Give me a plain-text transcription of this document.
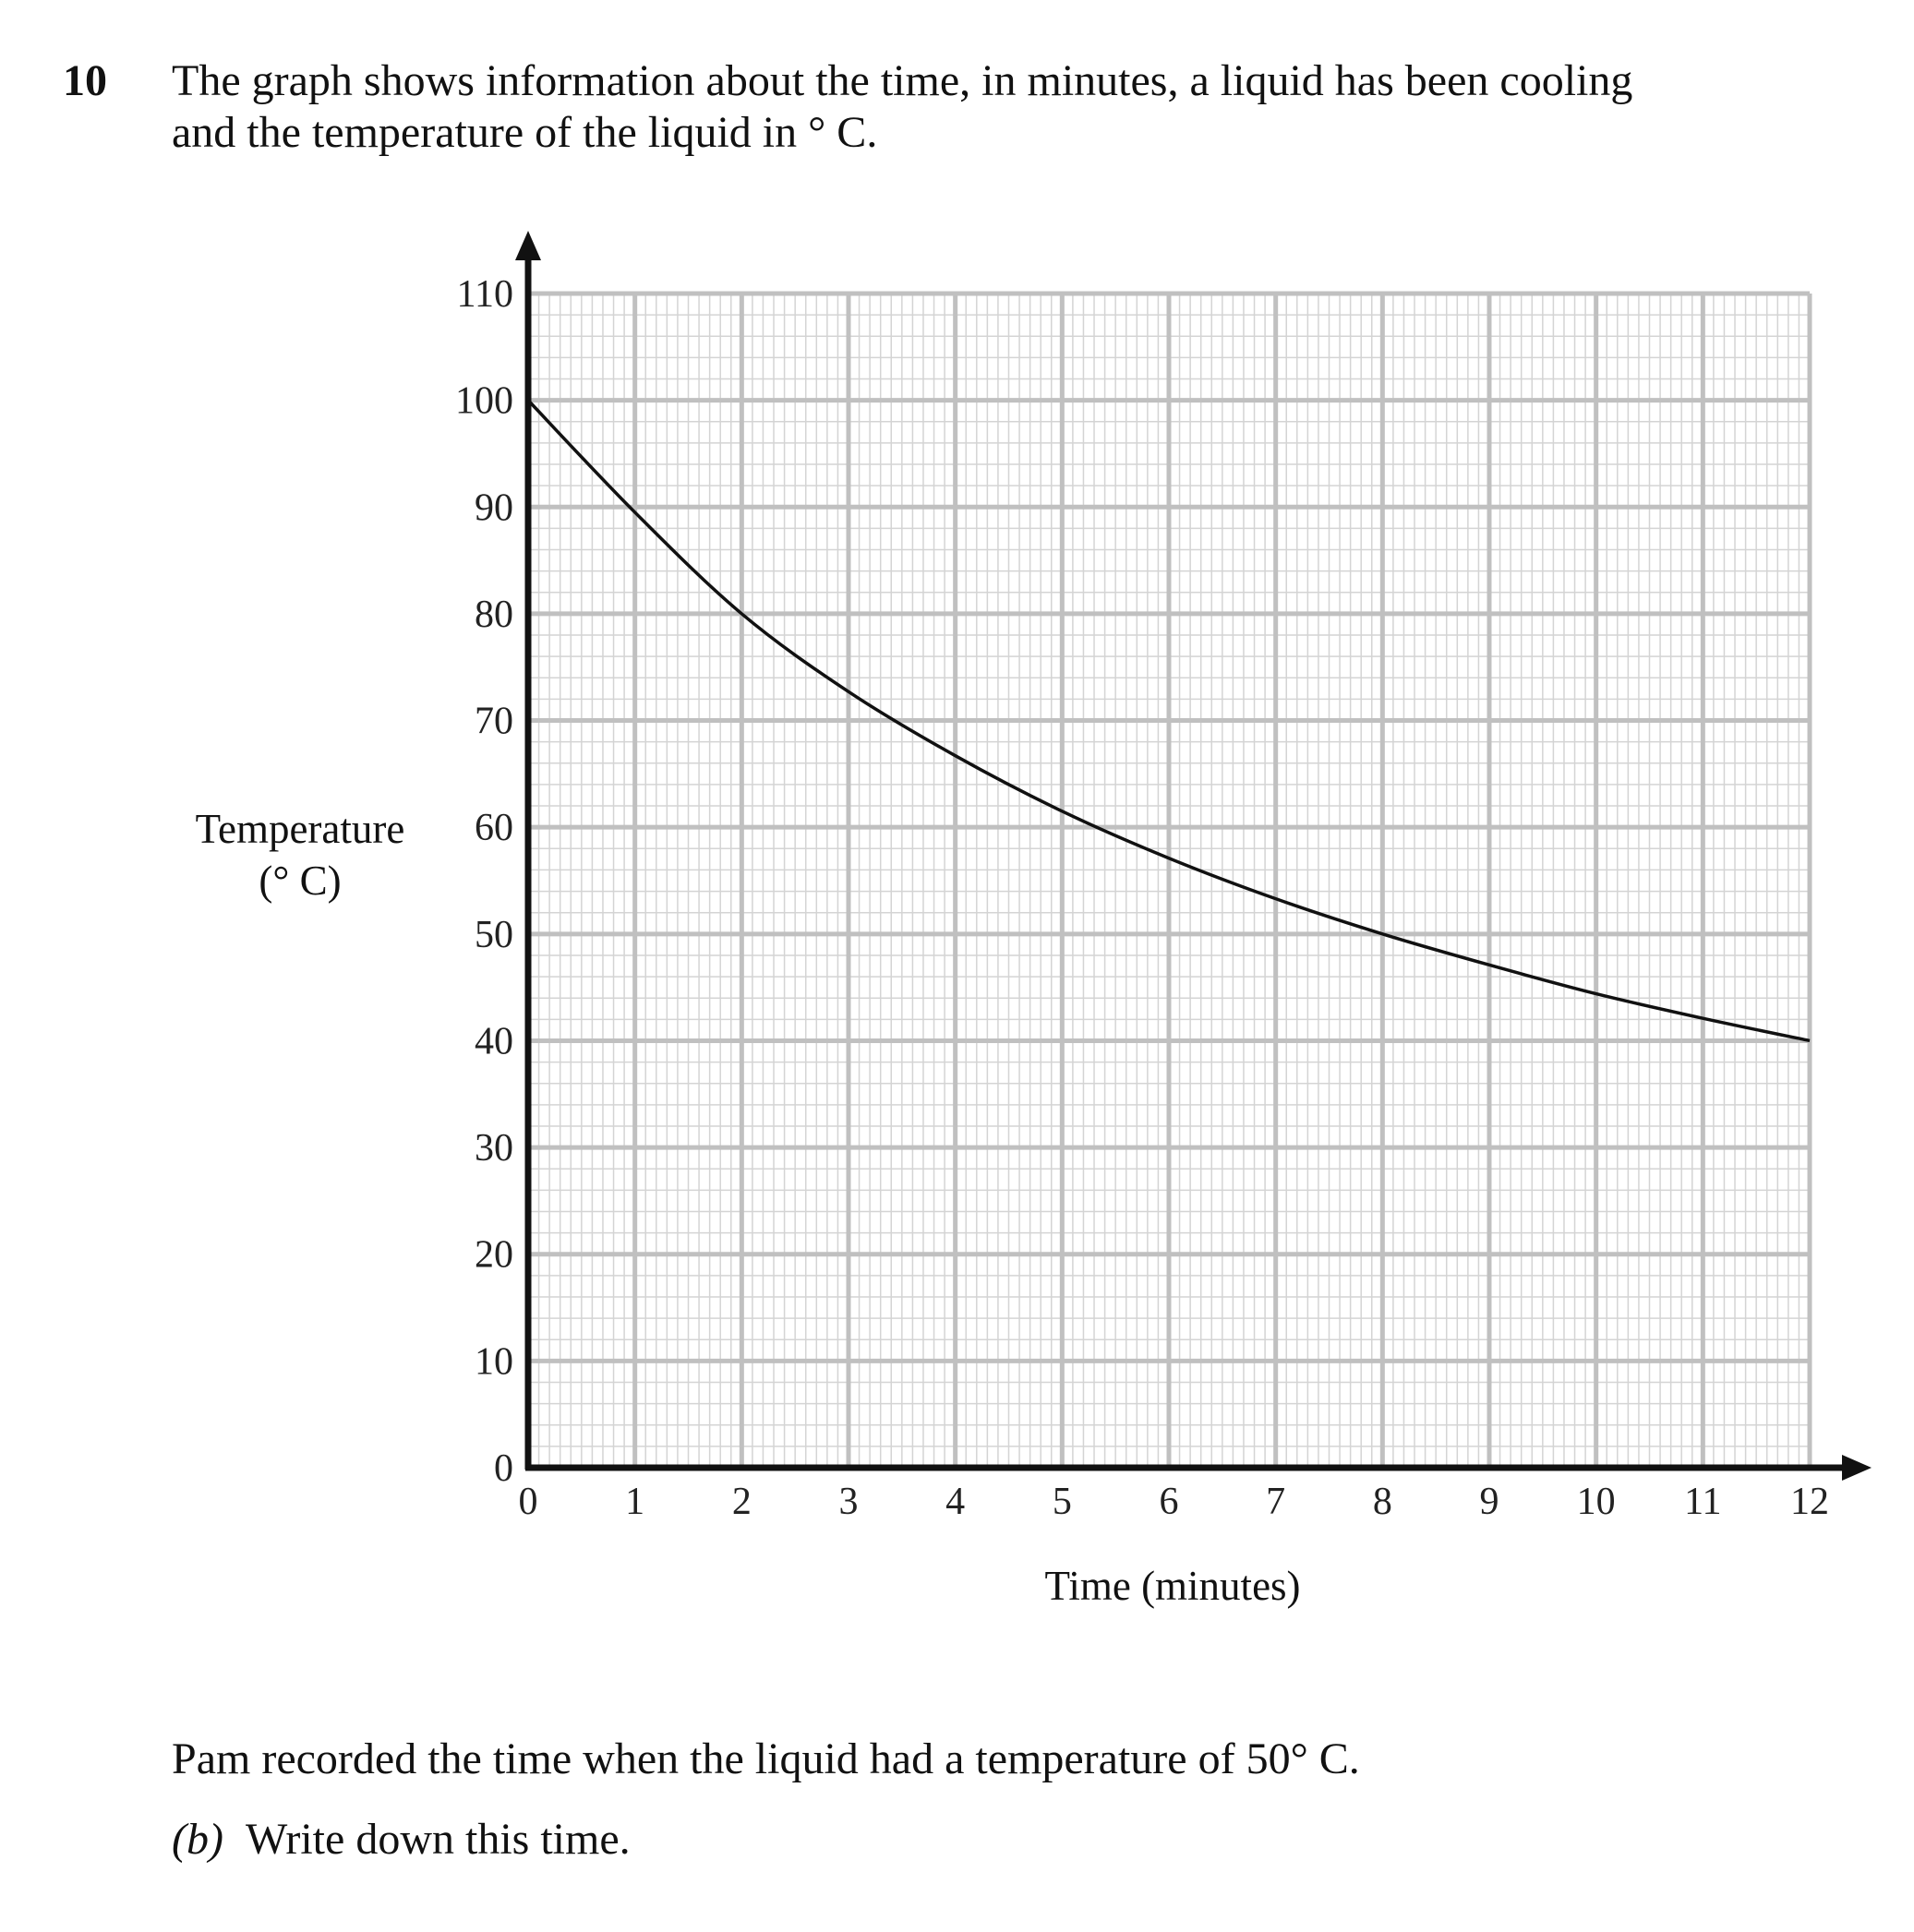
10 The graph shows information about the time, in minutes, a liquid has been cooling
and the temperature of the liquid in ° C.
0
10
20
30
40
50
60
70
80
90
100
110
0 1 2 3 4 5 6 7 8 9 10 11 12
Temperature
(° C)
Time (minutes)
Pam recorded the time when the liquid had a temperature of 50° C.
(b) Write down this time.
